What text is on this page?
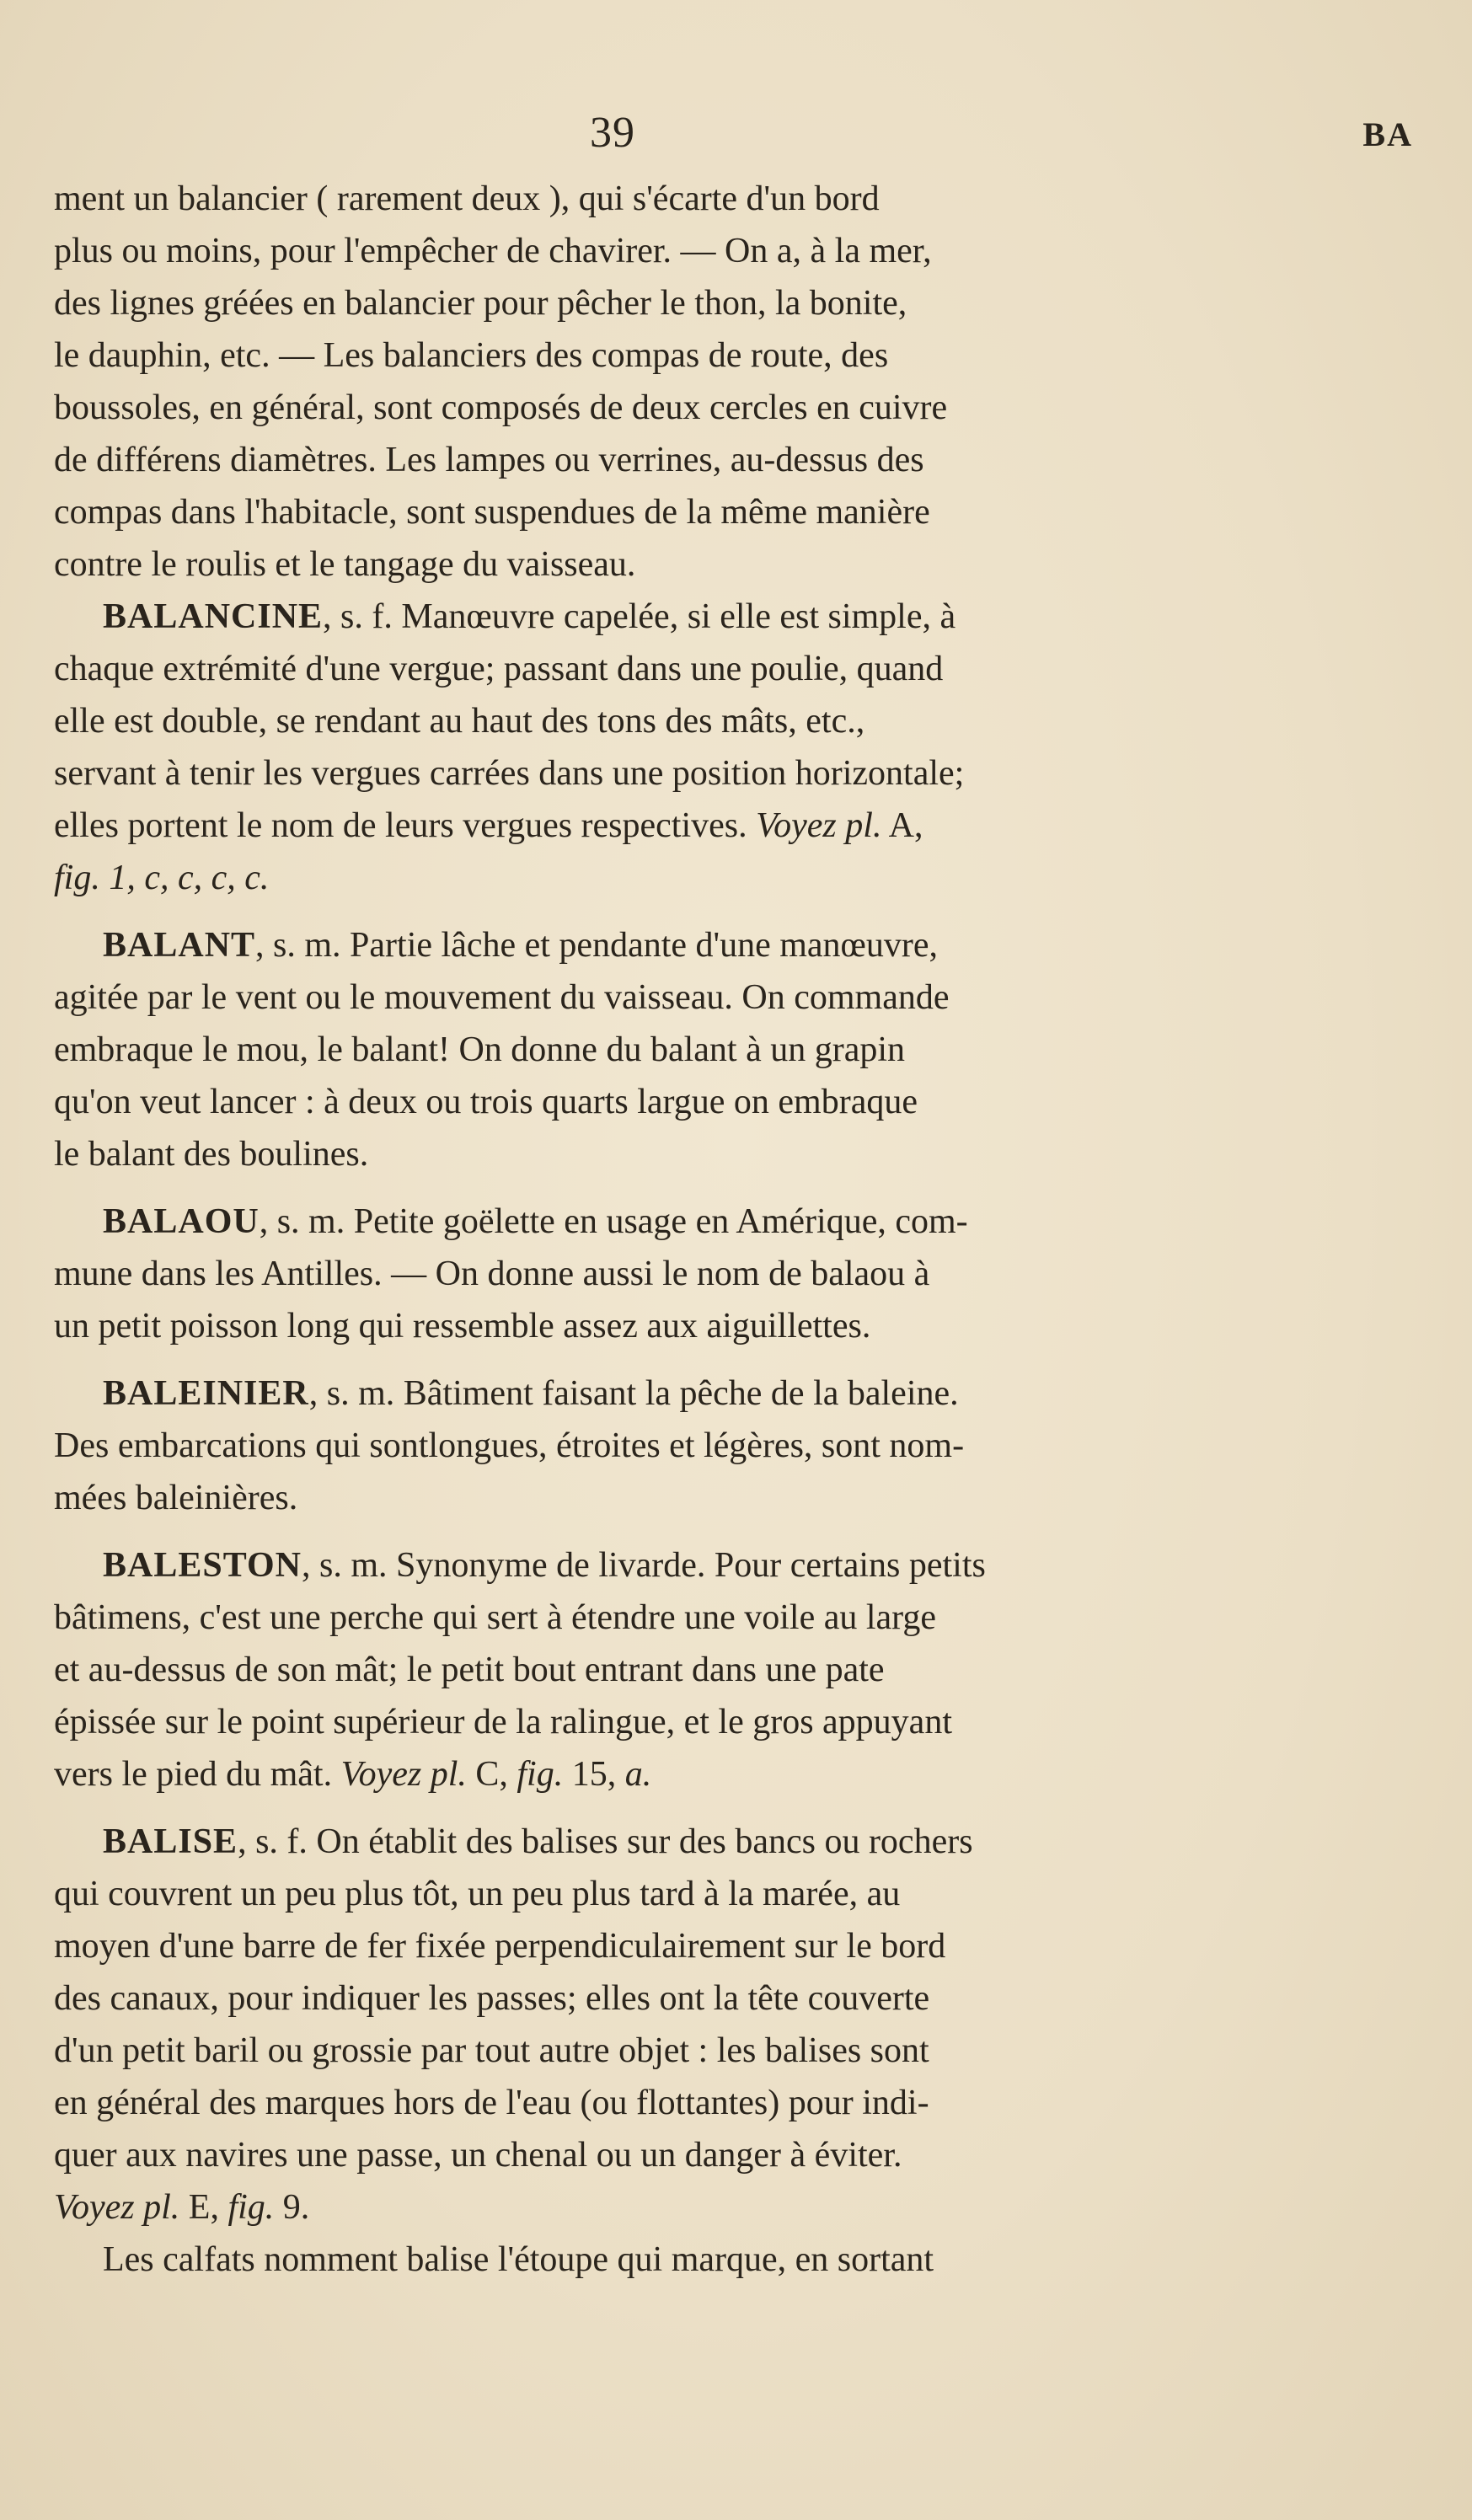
39	BA
ment un balancier ( rarement deux ), qui s'écarte d'un bord
plus ou moins, pour l'empêcher de chavirer. — On a, à la mer,
des lignes gréées en balancier pour pêcher le thon, la bonite,
le dauphin, etc. — Les balanciers des compas de route, des
boussoles, en général, sont composés de deux cercles en cuivre
de différens diamètres. Les lampes ou verrines, au-dessus des
compas dans l'habitacle, sont suspendues de la même manière
contre le roulis et le tangage du vaisseau.
BALANCINE, s. f. Manœuvre capelée, si elle est simple, à
chaque extrémité d'une vergue; passant dans une poulie, quand
elle est double, se rendant au haut des tons des mâts, etc.,
servant à tenir les vergues carrées dans une position horizontale;
elles portent le nom de leurs vergues respectives. Voyez pl. A,
fig. 1, c, c, c, c.
BALANT, s. m. Partie lâche et pendante d'une manœuvre,
agitée par le vent ou le mouvement du vaisseau. On commande
embraque le mou, le balant! On donne du balant à un grapin
qu'on veut lancer : à deux ou trois quarts largue on embraque
le balant des boulines.
BALAOU, s. m. Petite goëlette en usage en Amérique, com-
mune dans les Antilles. — On donne aussi le nom de balaou à
un petit poisson long qui ressemble assez aux aiguillettes.
BALEINIER, s. m. Bâtiment faisant la pêche de la baleine.
Des embarcations qui sontlongues, étroites et légères, sont nom-
mées baleinières.
BALESTON, s. m. Synonyme de livarde. Pour certains petits
bâtimens, c'est une perche qui sert à étendre une voile au large
et au-dessus de son mât; le petit bout entrant dans une pate
épissée sur le point supérieur de la ralingue, et le gros appuyant
vers le pied du mât. Voyez pl. C, fig. 15, a.
BALISE, s. f. On établit des balises sur des bancs ou rochers
qui couvrent un peu plus tôt, un peu plus tard à la marée, au
moyen d'une barre de fer fixée perpendiculairement sur le bord
des canaux, pour indiquer les passes; elles ont la tête couverte
d'un petit baril ou grossie par tout autre objet : les balises sont
en général des marques hors de l'eau (ou flottantes) pour indi-
quer aux navires une passe, un chenal ou un danger à éviter.
Voyez pl. E, fig. 9.
Les calfats nomment balise l'étoupe qui marque, en sortant
